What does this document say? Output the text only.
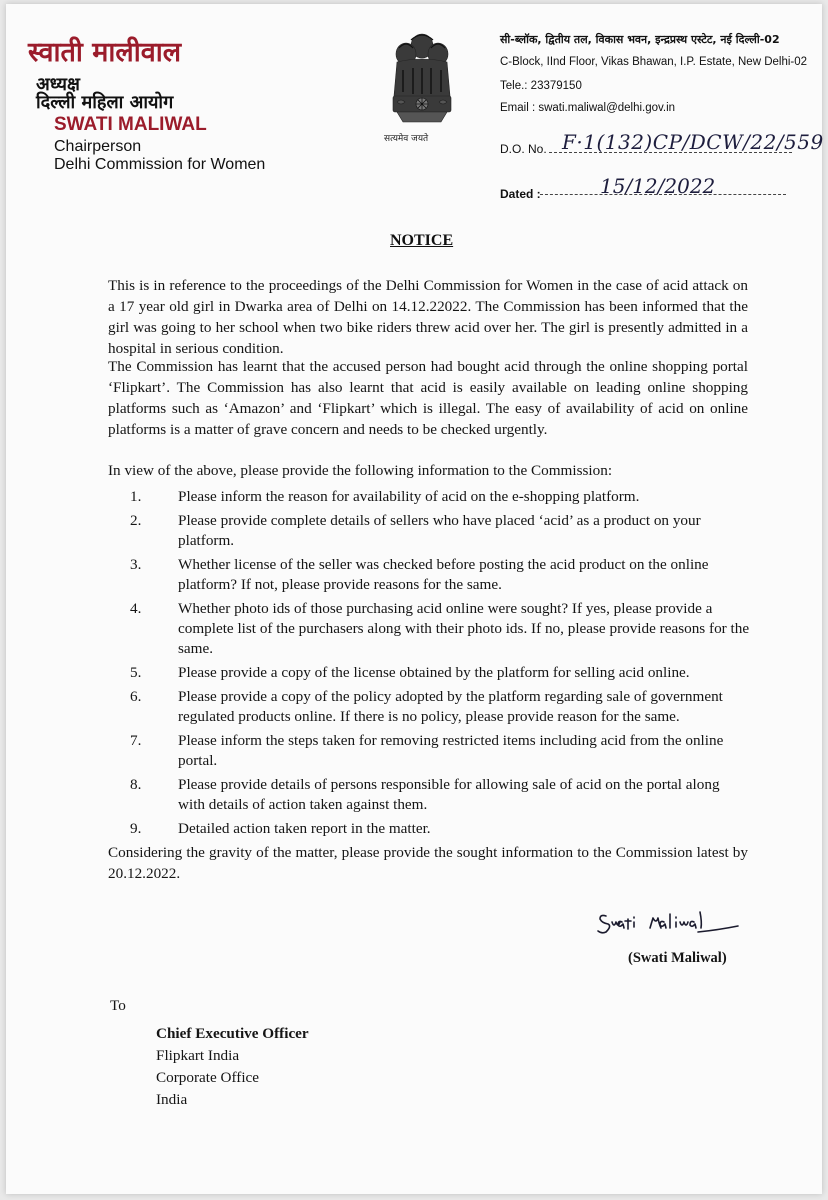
स्वाती मालीवाल
अध्यक्ष
दिल्ली महिला आयोग
SWATI MALIWAL
Chairperson
Delhi Commission for Women
सत्यमेव जयते
सी-ब्लॉक, द्वितीय तल, विकास भवन, इन्द्रप्रस्थ एस्टेट, नई दिल्ली-02
C-Block, IInd Floor, Vikas Bhawan, I.P. Estate, New Delhi-02
Tele.: 23379150
Email : swati.maliwal@delhi.gov.in
D.O. No. F·1(132)CP/DCW/22/559
Dated :	15/12/2022
NOTICE
This is in reference to the proceedings of the Delhi Commission for Women in the case of acid attack on a 17 year old girl in Dwarka area of Delhi on 14.12.22022. The Commission has been informed that the girl was going to her school when two bike riders threw acid over her. The girl is presently admitted in a hospital in serious condition.
The Commission has learnt that the accused person had bought acid through the online shopping portal ‘Flipkart’. The Commission has also learnt that acid is easily available on leading online shopping platforms such as ‘Amazon’ and ‘Flipkart’ which is illegal. The easy of availability of acid on online platforms is a matter of grave concern and needs to be checked urgently.
In view of the above, please provide the following information to the Commission:
1.	Please inform the reason for availability of acid on the e-shopping platform.
2.	Please provide complete details of sellers who have placed ‘acid’ as a product on your platform.
3.	Whether license of the seller was checked before posting the acid product on the online platform? If not, please provide reasons for the same.
4.	Whether photo ids of those purchasing acid online were sought? If yes, please provide a complete list of the purchasers along with their photo ids. If no, please provide reasons for the same.
5.	Please provide a copy of the license obtained by the platform for selling acid online.
6.	Please provide a copy of the policy adopted by the platform regarding sale of government regulated products online. If there is no policy, please provide reason for the same.
7.	Please inform the steps taken for removing restricted items including acid from the online portal.
8.	Please provide details of persons responsible for allowing sale of acid on the portal along with details of action taken against them.
9.	Detailed action taken report in the matter.
Considering the gravity of the matter, please provide the sought information to the Commission latest by 20.12.2022.
(Swati Maliwal)
To
Chief Executive Officer
Flipkart India
Corporate Office
India
